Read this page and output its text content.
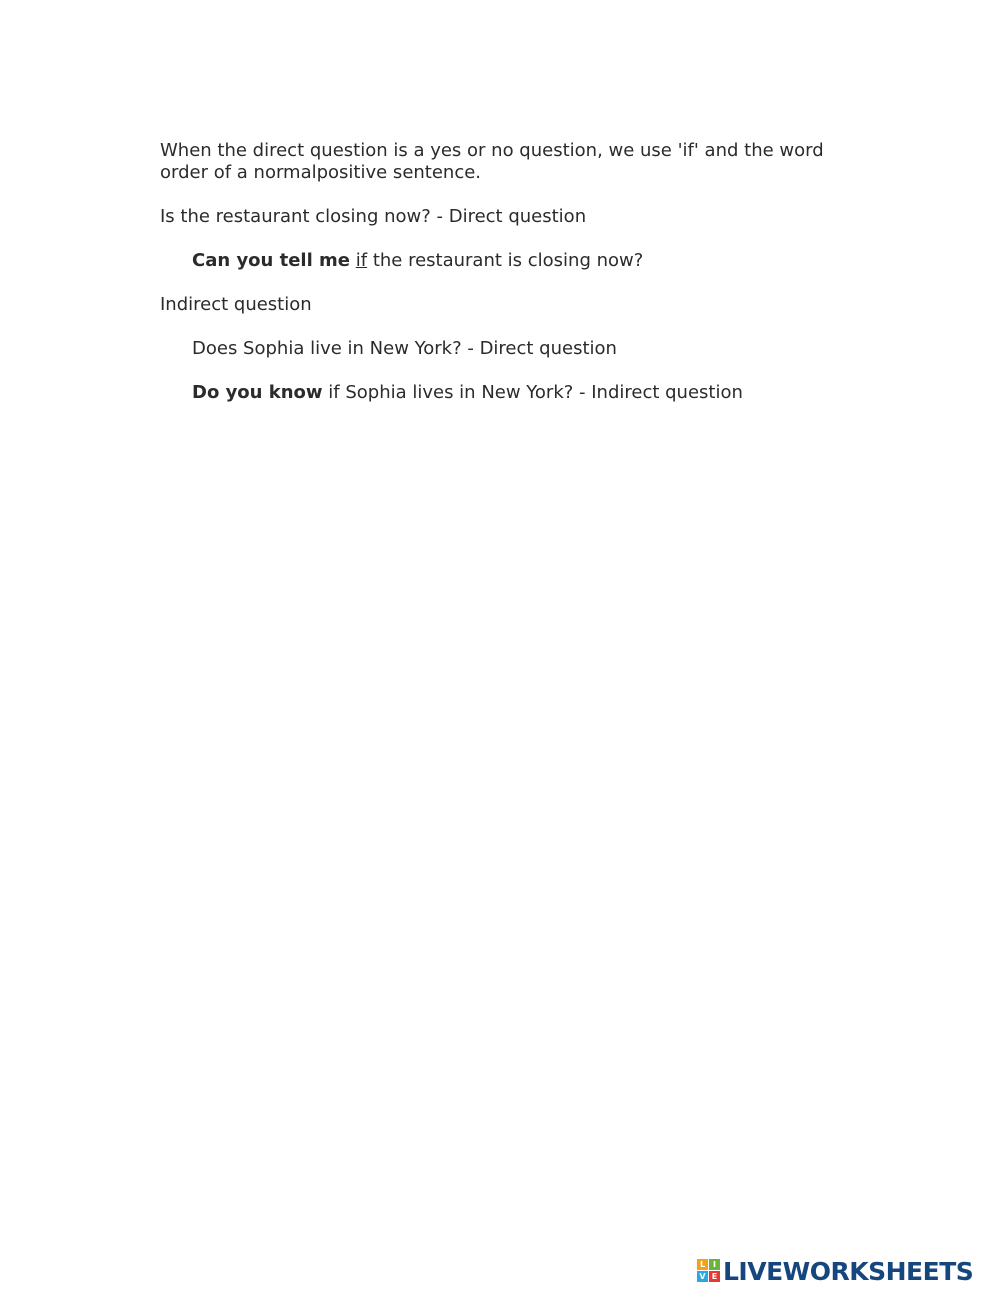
When the direct question is a yes or no question, we use 'if' and the word order of a normalpositive sentence.

Is the restaurant closing now? - Direct question

Can you tell me if the restaurant is closing now?

Indirect question

Does Sophia live in New York? - Direct question

Do you know if Sophia lives in New York? - Indirect question

L I
V E LIVEWORKSHEETS
